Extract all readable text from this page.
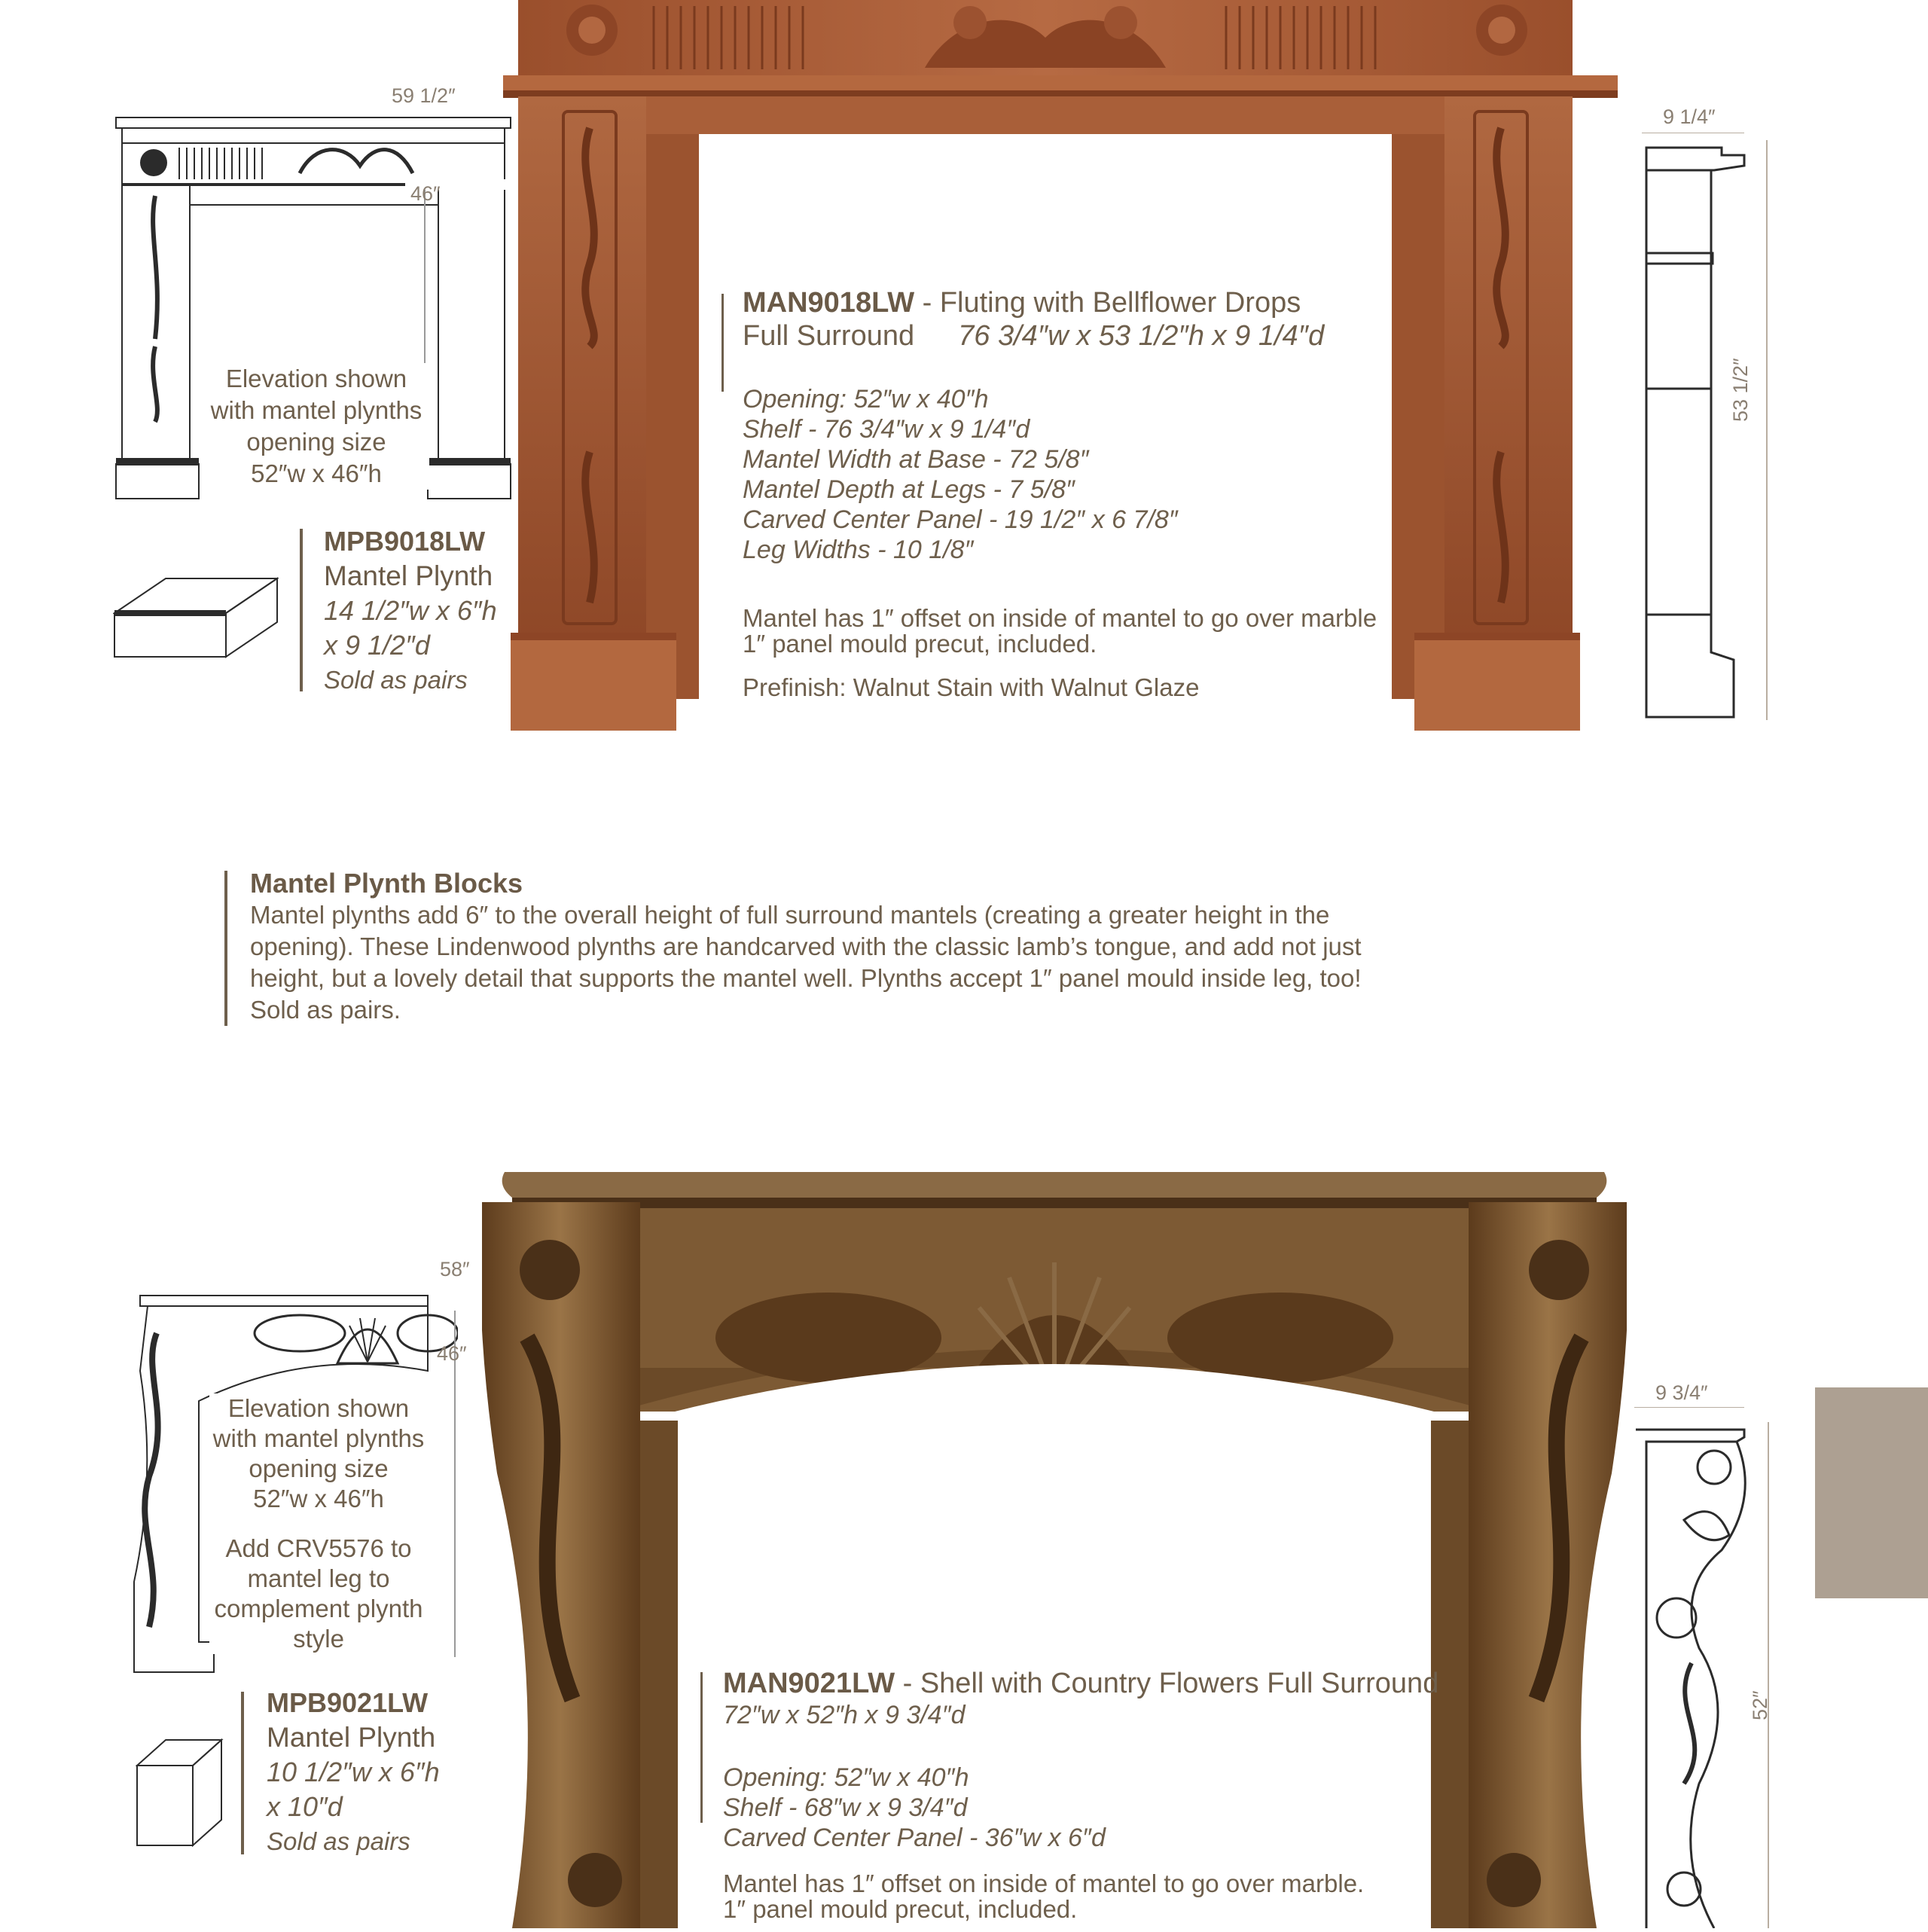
59 1/2″
46″
Elevation shown
with mantel plynths
opening size
52″w x 46″h
MPB9018LW
Mantel Plynth
14 1/2″w x 6″h
x 9 1/2″d
Sold as pairs
MAN9018LW - Fluting with Bellflower Drops
Full Surround 76 3/4″w x 53 1/2″h x 9 1/4″d
Opening: 52″w x 40″h
Shelf - 76 3/4″w x 9 1/4″d
Mantel Width at Base - 72 5/8″
Mantel Depth at Legs - 7 5/8″
Carved Center Panel - 19 1/2″ x 6 7/8″
Leg Widths - 10 1/8″
Mantel has 1″ offset on inside of mantel to go over marble
1″ panel mould precut, included.
Prefinish: Walnut Stain with Walnut Glaze
9 1/4″
53 1/2″
Mantel Plynth Blocks
Mantel plynths add 6″ to the overall height of full surround mantels (creating a greater height in the
opening). These Lindenwood plynths are handcarved with the classic lamb’s tongue, and add not just
height, but a lovely detail that supports the mantel well. Plynths accept 1″ panel mould inside leg, too!
Sold as pairs.
58″
46″
Elevation shown
with mantel plynths
opening size
52″w x 46″h
Add CRV5576 to
mantel leg to
complement plynth
style
MPB9021LW
Mantel Plynth
10 1/2″w x 6″h
x 10″d
Sold as pairs
MAN9021LW - Shell with Country Flowers Full Surround
72″w x 52″h x 9 3/4″d
Opening: 52″w x 40″h
Shelf - 68″w x 9 3/4″d
Carved Center Panel - 36″w x 6″d
Mantel has 1″ offset on inside of mantel to go over marble.
1″ panel mould precut, included.
9 3/4″
52″
